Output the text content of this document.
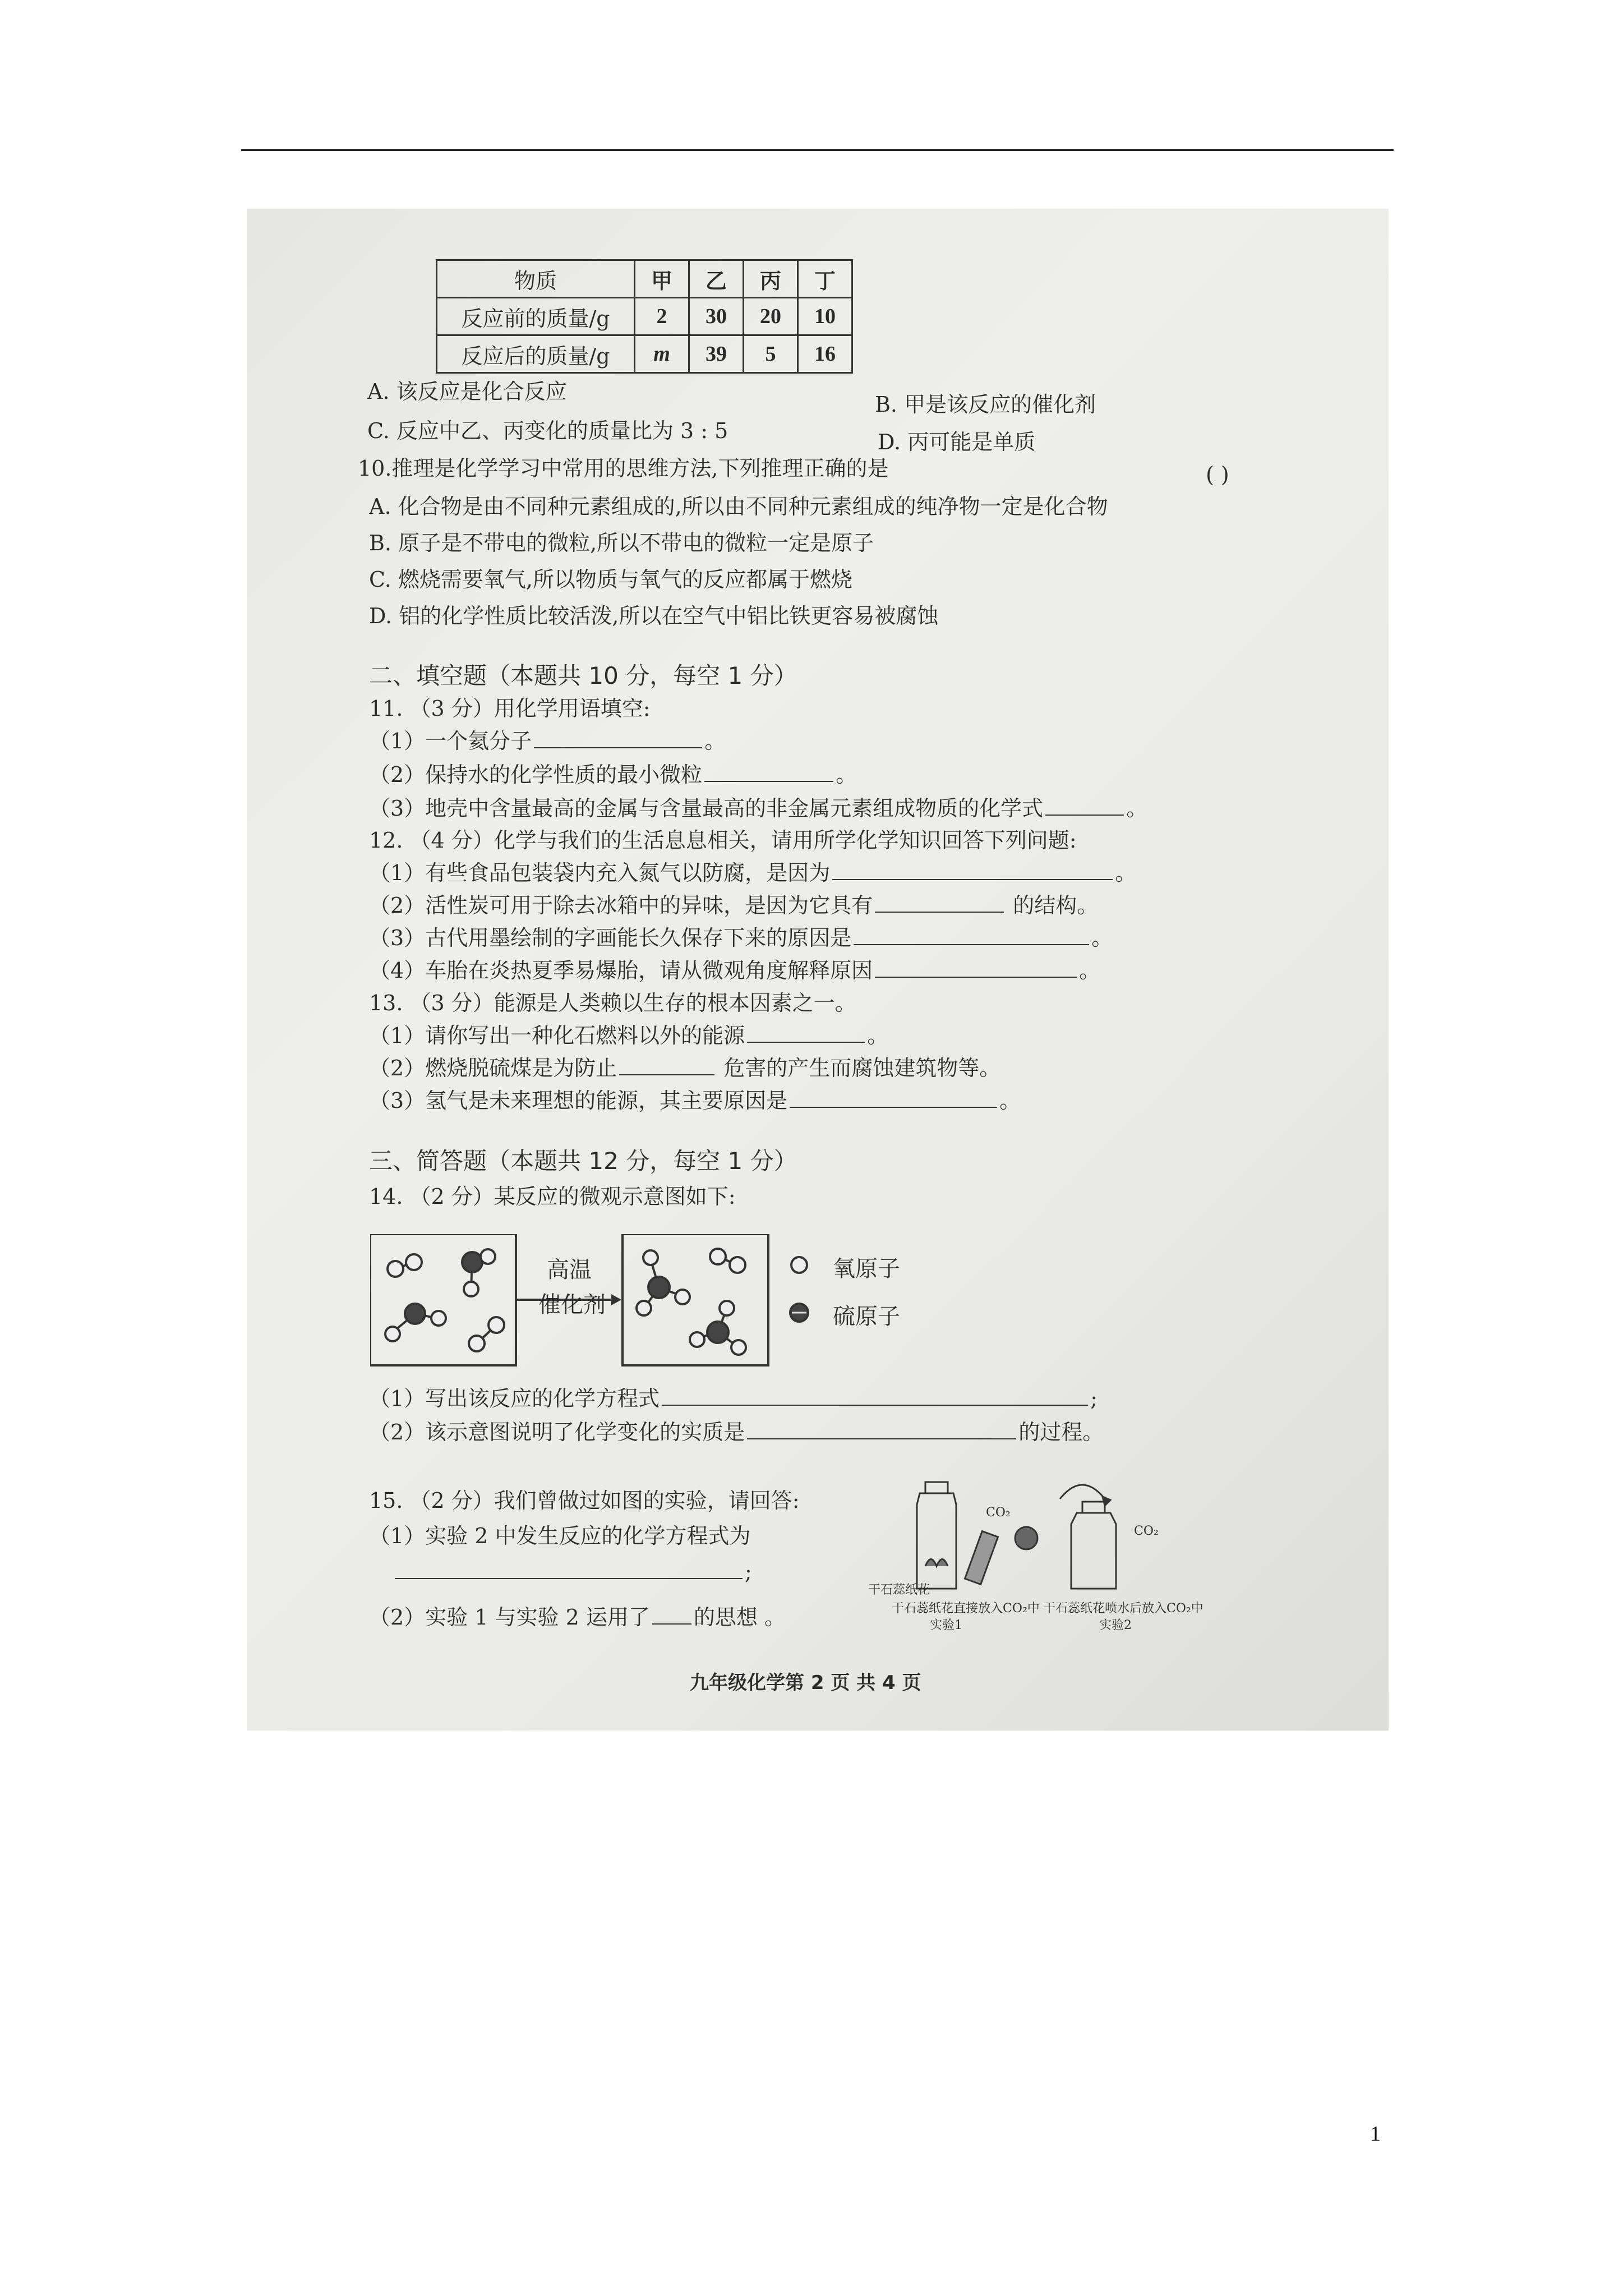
物质	甲	乙	丙	丁
反应前的质量/g	2	30	20	10
反应后的质量/g	m	39	5	16
A. 该反应是化合反应
B. 甲是该反应的催化剂
C. 反应中乙、丙变化的质量比为 3 : 5	D. 丙可能是单质
10.推理是化学学习中常用的思维方法,下列推理正确的是	( )
A. 化合物是由不同种元素组成的,所以由不同种元素组成的纯净物一定是化合物
B. 原子是不带电的微粒,所以不带电的微粒一定是原子
C. 燃烧需要氧气,所以物质与氧气的反应都属于燃烧
D. 铝的化学性质比较活泼,所以在空气中铝比铁更容易被腐蚀
二、填空题（本题共 10 分，每空 1 分）
11. （3 分）用化学用语填空:
（1）一个氦分子	。
（2）保持水的化学性质的最小微粒	。
（3）地壳中含量最高的金属与含量最高的非金属元素组成物质的化学式	。
12. （4 分）化学与我们的生活息息相关，请用所学化学知识回答下列问题:
（1）有些食品包装袋内充入氮气以防腐，是因为	。
（2）活性炭可用于除去冰箱中的异味，是因为它具有	的结构。
（3）古代用墨绘制的字画能长久保存下来的原因是	。
（4）车胎在炎热夏季易爆胎，请从微观角度解释原因	。
13. （3 分）能源是人类赖以生存的根本因素之一。
（1）请你写出一种化石燃料以外的能源	。
（2）燃烧脱硫煤是为防止	危害的产生而腐蚀建筑物等。
（3）氢气是未来理想的能源，其主要原因是	。
三、简答题（本题共 12 分，每空 1 分）
14. （2 分）某反应的微观示意图如下:
高温
催化剂
氧原子
硫原子
（1）写出该反应的化学方程式	;
（2）该示意图说明了化学变化的实质是	的过程。
15. （2 分）我们曾做过如图的实验，请回答:
（1）实验 2 中发生反应的化学方程式为
;
（2）实验 1 与实验 2 运用了 的思想 。
CO₂
CO₂
干石蕊纸花
干石蕊纸花直接放入CO₂中
实验1
干石蕊纸花喷水后放入CO₂中
实验2
九年级化学第 2 页 共 4 页
1
